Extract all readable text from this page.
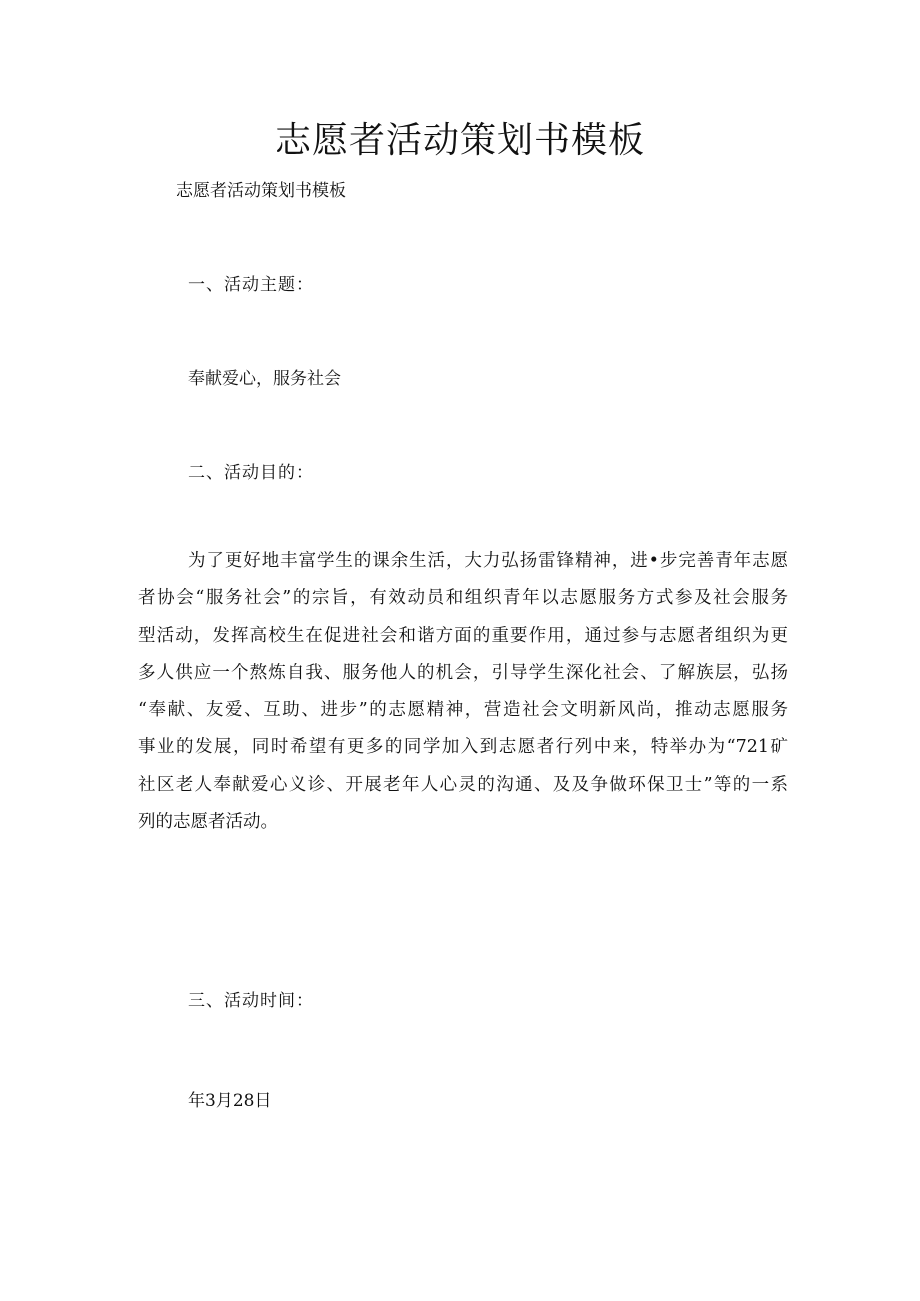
志愿者活动策划书模板
志愿者活动策划书模板
一、活动主题：
奉献爱心，服务社会
二、活动目的：
为了更好地丰富学生的课余生活，大力弘扬雷锋精神，进•步完善青年志愿
者协会“服务社会”的宗旨，有效动员和组织青年以志愿服务方式参及社会服务
型活动，发挥高校生在促进社会和谐方面的重要作用，通过参与志愿者组织为更
多人供应一个熬炼自我、服务他人的机会，引导学生深化社会、了解族层，弘扬
“奉献、友爱、互助、进步”的志愿精神，营造社会文明新风尚，推动志愿服务
事业的发展，同时希望有更多的同学加入到志愿者行列中来，特举办为“721矿
社区老人奉献爱心义诊、开展老年人心灵的沟通、及及争做环保卫士”等的一系
列的志愿者活动。
三、活动时间：
年3月28日
